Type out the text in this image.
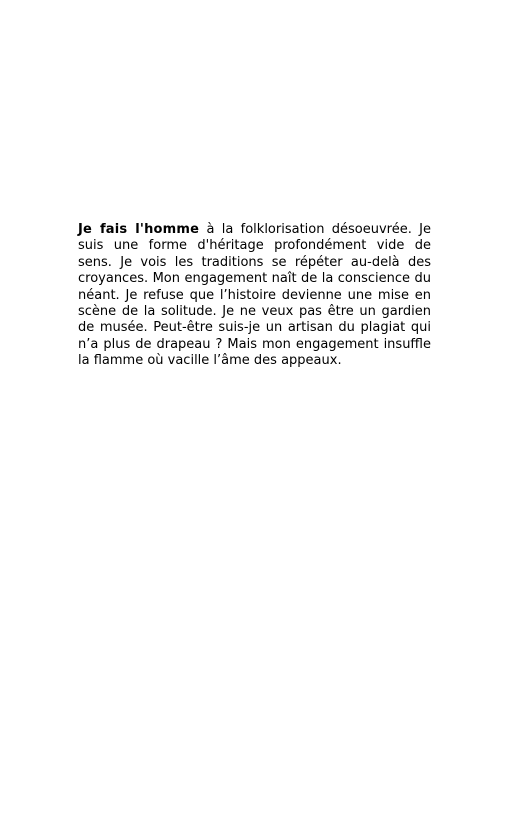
Je fais l'homme à la folklorisation désoeuvrée. Je suis une forme d'héritage profondément vide de sens. Je vois les traditions se répéter au-delà des croyances. Mon engagement naît de la conscience du néant. Je refuse que l’histoire devienne une mise en scène de la solitude. Je ne veux pas être un gardien de musée. Peut-être suis-je un artisan du plagiat qui n’a plus de drapeau ? Mais mon engagement insuffle la flamme où vacille l’âme des appeaux.
